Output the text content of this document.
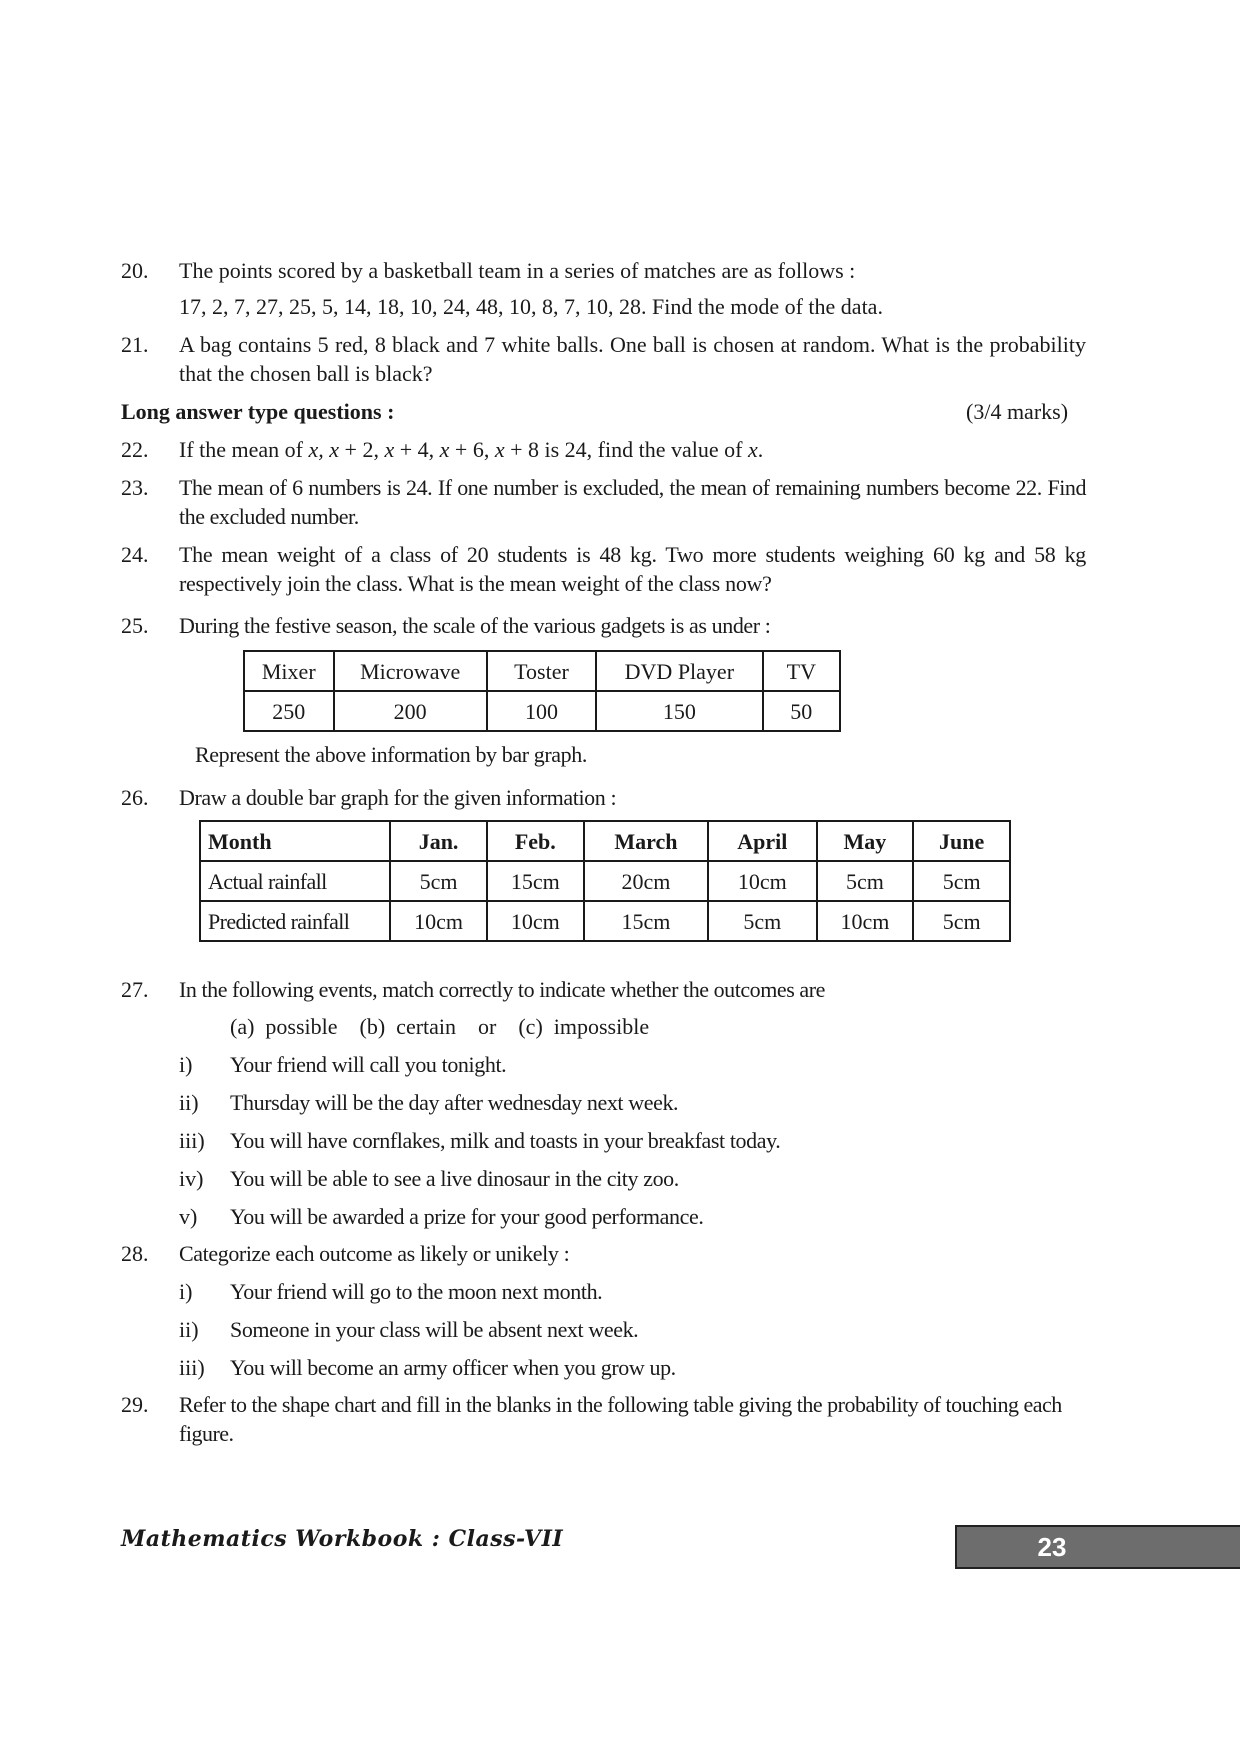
20. The points scored by a basketball team in a series of matches are as follows :
17, 2, 7, 27, 25, 5, 14, 18, 10, 24, 48, 10, 8, 7, 10, 28. Find the mode of the data.
21. A bag contains 5 red, 8 black and 7 white balls. One ball is chosen at random. What is the probability that the chosen ball is black?
Long answer type questions :	(3/4 marks)
22. If the mean of x, x + 2, x + 4, x + 6, x + 8 is 24, find the value of x.
23. The mean of 6 numbers is 24. If one number is excluded, the mean of remaining numbers become 22. Find the excluded number.
24. The mean weight of a class of 20 students is 48 kg. Two more students weighing 60 kg and 58 kg respectively join the class. What is the mean weight of the class now?
25. During the festive season, the scale of the various gadgets is as under :
Mixer	Microwave	Toster	DVD Player	TV
250	200	100	150	50
Represent the above information by bar graph.
26. Draw a double bar graph for the given information :
Month	Jan.	Feb.	March	April	May	June
Actual rainfall	5cm	15cm	20cm	10cm	5cm	5cm
Predicted rainfall	10cm	10cm	15cm	5cm	10cm	5cm
27. In the following events, match correctly to indicate whether the outcomes are
(a)  possible    (b)  certain    or    (c)  impossible
i) Your friend will call you tonight.
ii) Thursday will be the day after wednesday next week.
iii) You will have cornflakes, milk and toasts in your breakfast today.
iv) You will be able to see a live dinosaur in the city zoo.
v) You will be awarded a prize for your good performance.
28. Categorize each outcome as likely or unikely :
i) Your friend will go to the moon next month.
ii) Someone in your class will be absent next week.
iii) You will become an army officer when you grow up.
29. Refer to the shape chart and fill in the blanks in the following table giving the probability of touching each figure.
Mathematics Workbook : Class-VII	23
